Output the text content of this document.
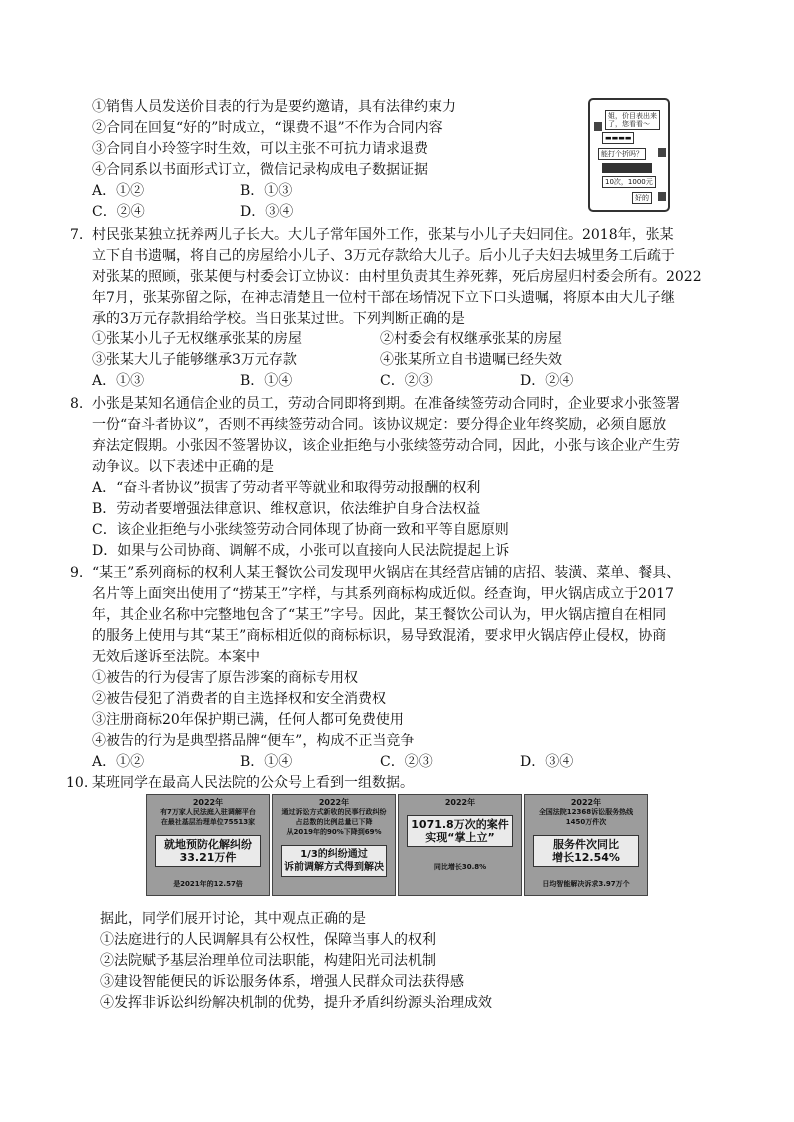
①销售人员发送价目表的行为是要约邀请，具有法律约束力
②合同在回复“好的”时成立，“课费不退”不作为合同内容
③合同自小玲签字时生效，可以主张不可抗力请求退费
④合同系以书面形式订立，微信记录构成电子数据证据
A．①②	B．①③
C．②④	D．③④
姐，价目表出来
了，您看看～
▬▬▬▬
能打个折吗？
10次，1000元
好的
7. 村民张某独立抚养两儿子长大。大儿子常年国外工作，张某与小儿子夫妇同住。2018年，张某
立下自书遗嘱，将自己的房屋给小儿子、3万元存款给大儿子。后小儿子夫妇去城里务工后疏于
对张某的照顾，张某便与村委会订立协议：由村里负责其生养死葬，死后房屋归村委会所有。2022
年7月，张某弥留之际，在神志清楚且一位村干部在场情况下立下口头遗嘱，将原本由大儿子继
承的3万元存款捐给学校。当日张某过世。下列判断正确的是
①张某小儿子无权继承张某的房屋	②村委会有权继承张某的房屋
③张某大儿子能够继承3万元存款	④张某所立自书遗嘱已经失效
A．①③	B．①④	C．②③	D．②④
8. 小张是某知名通信企业的员工，劳动合同即将到期。在准备续签劳动合同时，企业要求小张签署
一份“奋斗者协议”，否则不再续签劳动合同。该协议规定：要分得企业年终奖励，必须自愿放
弃法定假期。小张因不签署协议，该企业拒绝与小张续签劳动合同，因此，小张与该企业产生劳
动争议。以下表述中正确的是
A．“奋斗者协议”损害了劳动者平等就业和取得劳动报酬的权利
B．劳动者要增强法律意识、维权意识，依法维护自身合法权益
C．该企业拒绝与小张续签劳动合同体现了协商一致和平等自愿原则
D．如果与公司协商、调解不成，小张可以直接向人民法院提起上诉
9. “某王”系列商标的权利人某王餐饮公司发现甲火锅店在其经营店铺的店招、装潢、菜单、餐具、
名片等上面突出使用了“捞某王”字样，与其系列商标构成近似。经查询，甲火锅店成立于2017
年，其企业名称中完整地包含了“某王”字号。因此，某王餐饮公司认为，甲火锅店擅自在相同
的服务上使用与其“某王”商标相近似的商标标识，易导致混淆，要求甲火锅店停止侵权，协商
无效后遂诉至法院。本案中
①被告的行为侵害了原告涉案的商标专用权
②被告侵犯了消费者的自主选择权和安全消费权
③注册商标20年保护期已满，任何人都可免费使用
④被告的行为是典型搭品牌“便车”，构成不正当竞争
A．①②	B．①④	C．②③	D．③④
10. 某班同学在最高人民法院的公众号上看到一组数据。
2022年
有7万家人民法庭入驻调解平台
在最社基层治理单位75513家
就地预防化解纠纷
33.21万件
是2021年的12.57倍
2022年
通过诉讼方式新收的民事行政纠纷
占总数的比例总量已下降
从2019年的90%下降到69%
1/3的纠纷通过
诉前调解方式得到解决
2022年
1071.8万次的案件
实现“掌上立”
同比增长30.8%
2022年
全国法院12368诉讼服务热线
1450万件次
服务件次同比
增长12.54%
日均智能解决诉求3.97万个
据此，同学们展开讨论，其中观点正确的是
①法庭进行的人民调解具有公权性，保障当事人的权利
②法院赋予基层治理单位司法职能，构建阳光司法机制
③建设智能便民的诉讼服务体系，增强人民群众司法获得感
④发挥非诉讼纠纷解决机制的优势，提升矛盾纠纷源头治理成效
